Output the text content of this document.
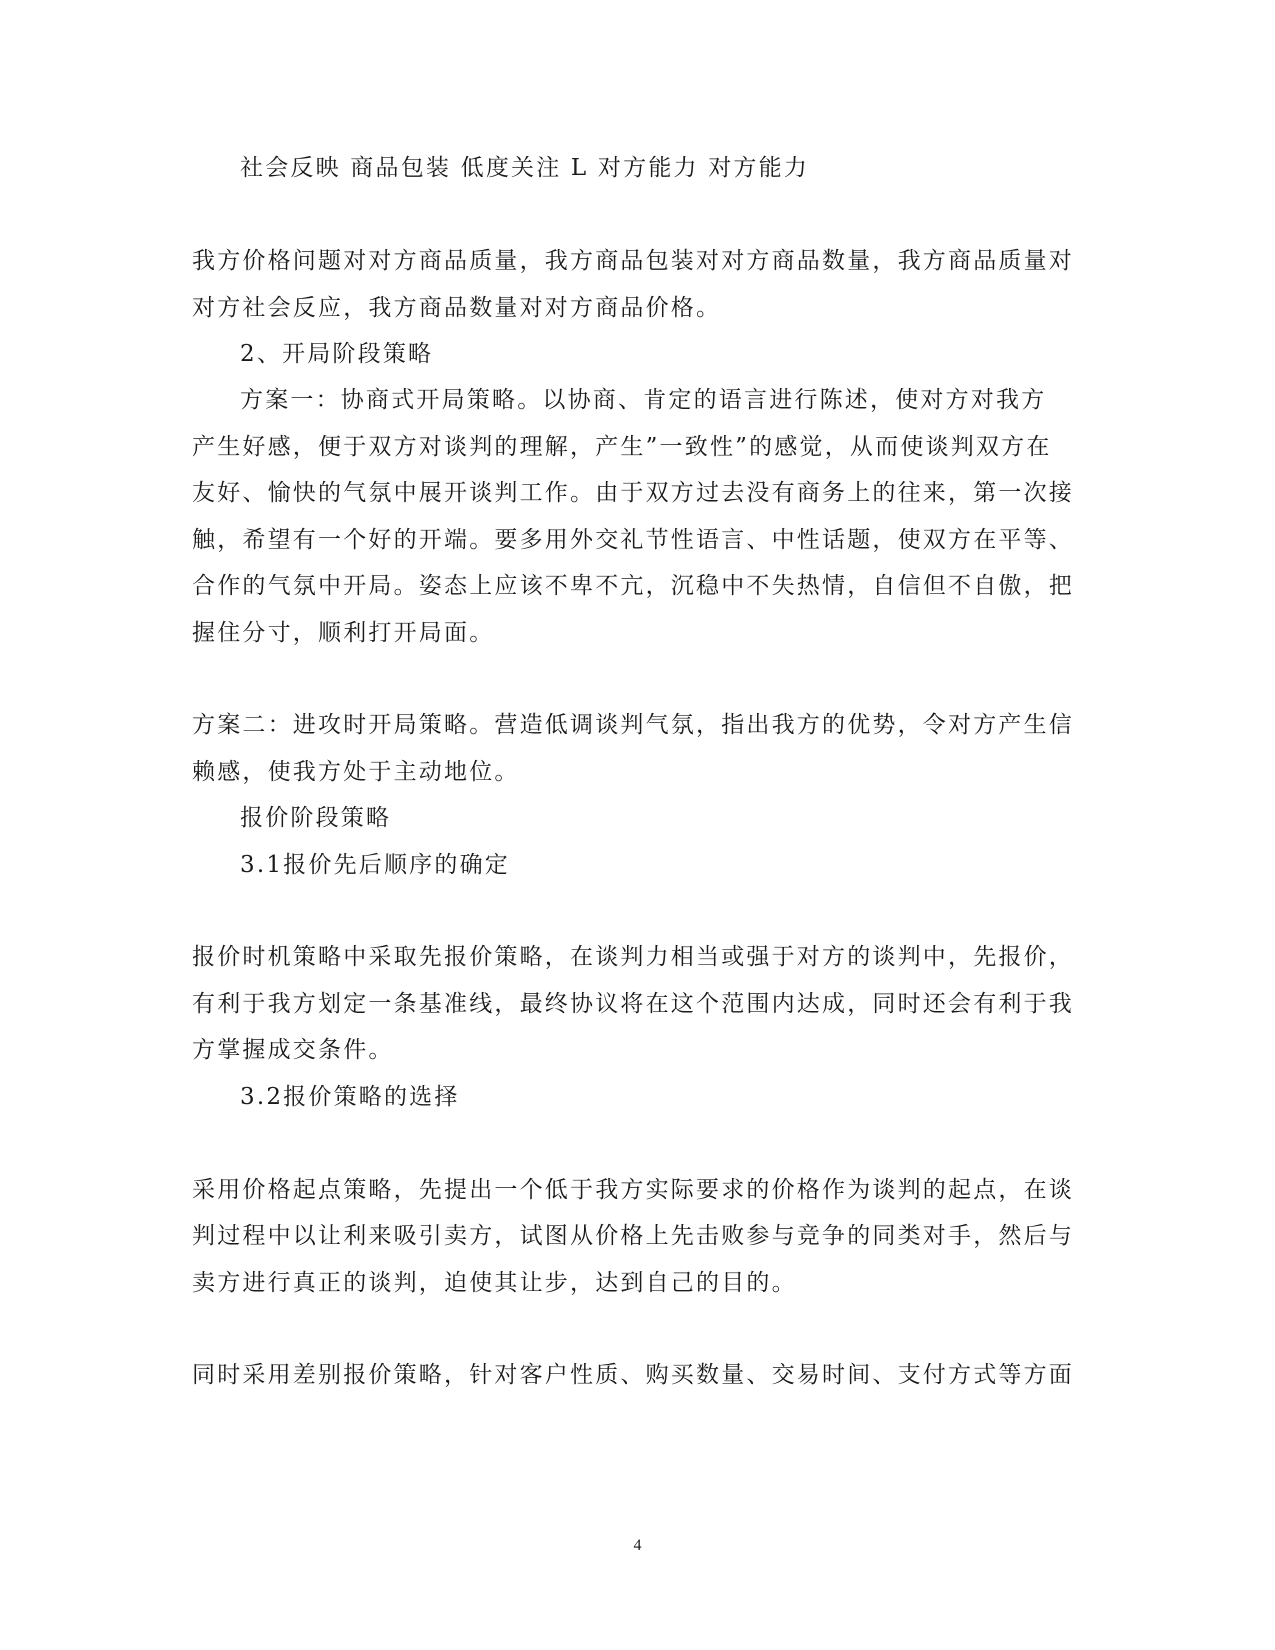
社会反映 商品包装 低度关注 L 对方能力 对方能力
我方价格问题对对方商品质量，我方商品包装对对方商品数量，我方商品质量对
对方社会反应，我方商品数量对对方商品价格。
2、开局阶段策略
方案一：协商式开局策略。以协商、肯定的语言进行陈述，使对方对我方
产生好感，便于双方对谈判的理解，产生”一致性”的感觉，从而使谈判双方在
友好、愉快的气氛中展开谈判工作。由于双方过去没有商务上的往来，第一次接
触，希望有一个好的开端。要多用外交礼节性语言、中性话题，使双方在平等、
合作的气氛中开局。姿态上应该不卑不亢，沉稳中不失热情，自信但不自傲，把
握住分寸，顺利打开局面。
方案二：进攻时开局策略。营造低调谈判气氛，指出我方的优势，令对方产生信
赖感，使我方处于主动地位。
报价阶段策略
3.1报价先后顺序的确定
报价时机策略中采取先报价策略，在谈判力相当或强于对方的谈判中，先报价，
有利于我方划定一条基准线，最终协议将在这个范围内达成，同时还会有利于我
方掌握成交条件。
3.2报价策略的选择
采用价格起点策略，先提出一个低于我方实际要求的价格作为谈判的起点，在谈
判过程中以让利来吸引卖方，试图从价格上先击败参与竞争的同类对手，然后与
卖方进行真正的谈判，迫使其让步，达到自己的目的。
同时采用差别报价策略，针对客户性质、购买数量、交易时间、支付方式等方面
4
